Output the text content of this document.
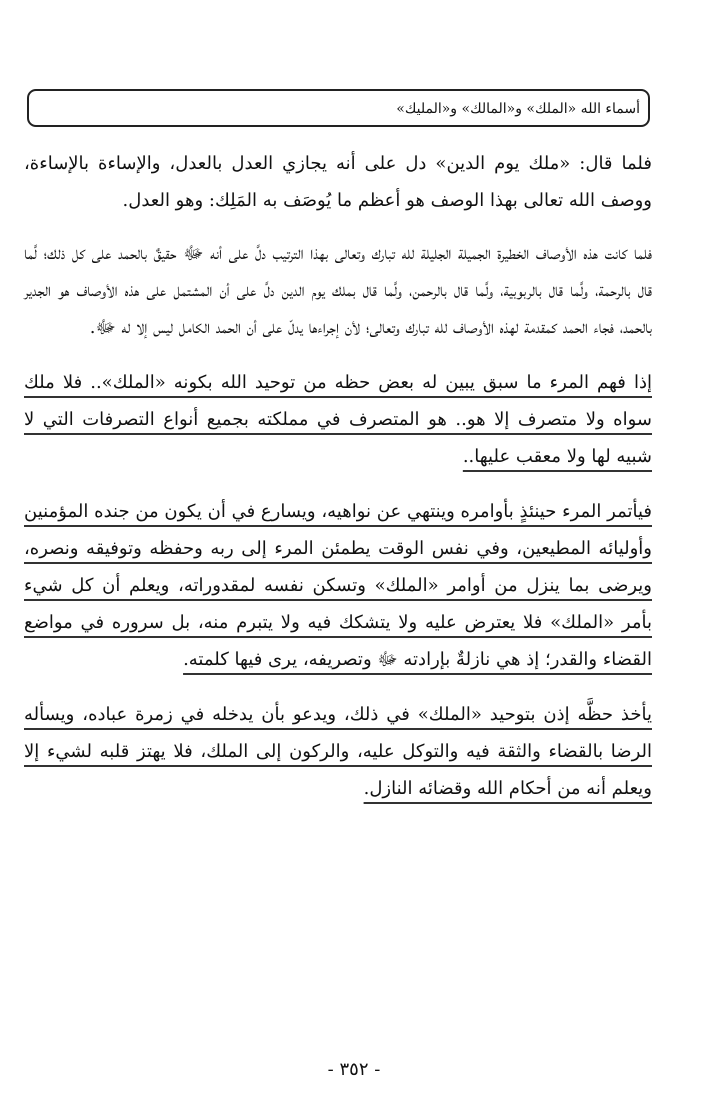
أسماء الله «الملك» و«المالك» و«المليك»

فلما قال: «ملك يوم الدين» دل على أنه يجازي العدل بالعدل، والإساءة بالإساءة، ووصف الله تعالى بهذا الوصف هو أعظم ما يُوصَف به المَلِك: وهو العدل.

فلما كانت هذه الأوصاف الخطيرة الجميلة الجليلة لله تبارك وتعالى بهذا الترتيب دلَّ على أنه ﷻ حقيقٌ بالحمد على كل ذلك؛ لَّما قال بالرحمة، ولَّما قال بالربوبية، ولَّما قال بالرحمن، ولَّما قال بملك يوم الدين دلَّ على أن المشتمل على هذه الأوصاف هو الجدير بالحمد، فجاء الحمد كمقدمة لهذه الأوصاف لله تبارك وتعالى؛ لأن إجراءها يدلّ على أن الحمد الكامل ليس إلا له ﷻ.

إذا فهم المرء ما سبق يبين له بعض حظه من توحيد الله بكونه «الملك».. فلا ملك سواه ولا متصرف إلا هو.. هو المتصرف في مملكته بجميع أنواع التصرفات التي لا شبيه لها ولا معقب عليها..

فيأتمر المرء حينئذٍ بأوامره وينتهي عن نواهيه، ويسارع في أن يكون من جنده المؤمنين وأوليائه المطيعين، وفي نفس الوقت يطمئن المرء إلى ربه وحفظه وتوفيقه ونصره، ويرضى بما ينزل من أوامر «الملك» وتسكن نفسه لمقدوراته، ويعلم أن كل شيء بأمر «الملك» فلا يعترض عليه ولا يتشكك فيه ولا يتبرم منه، بل سروره في مواضع القضاء والقدر؛ إذ هي نازلةٌ بإرادته ﷻ وتصريفه، يرى فيها كلمته.

يأخذ حظَّه إذن بتوحيد «الملك» في ذلك، ويدعو بأن يدخله في زمرة عباده، ويسأله الرضا بالقضاء والثقة فيه والتوكل عليه، والركون إلى الملك، فلا يهتز قلبه لشيء إلا ويعلم أنه من أحكام الله وقضائه النازل.

- ٣٥٢ -
